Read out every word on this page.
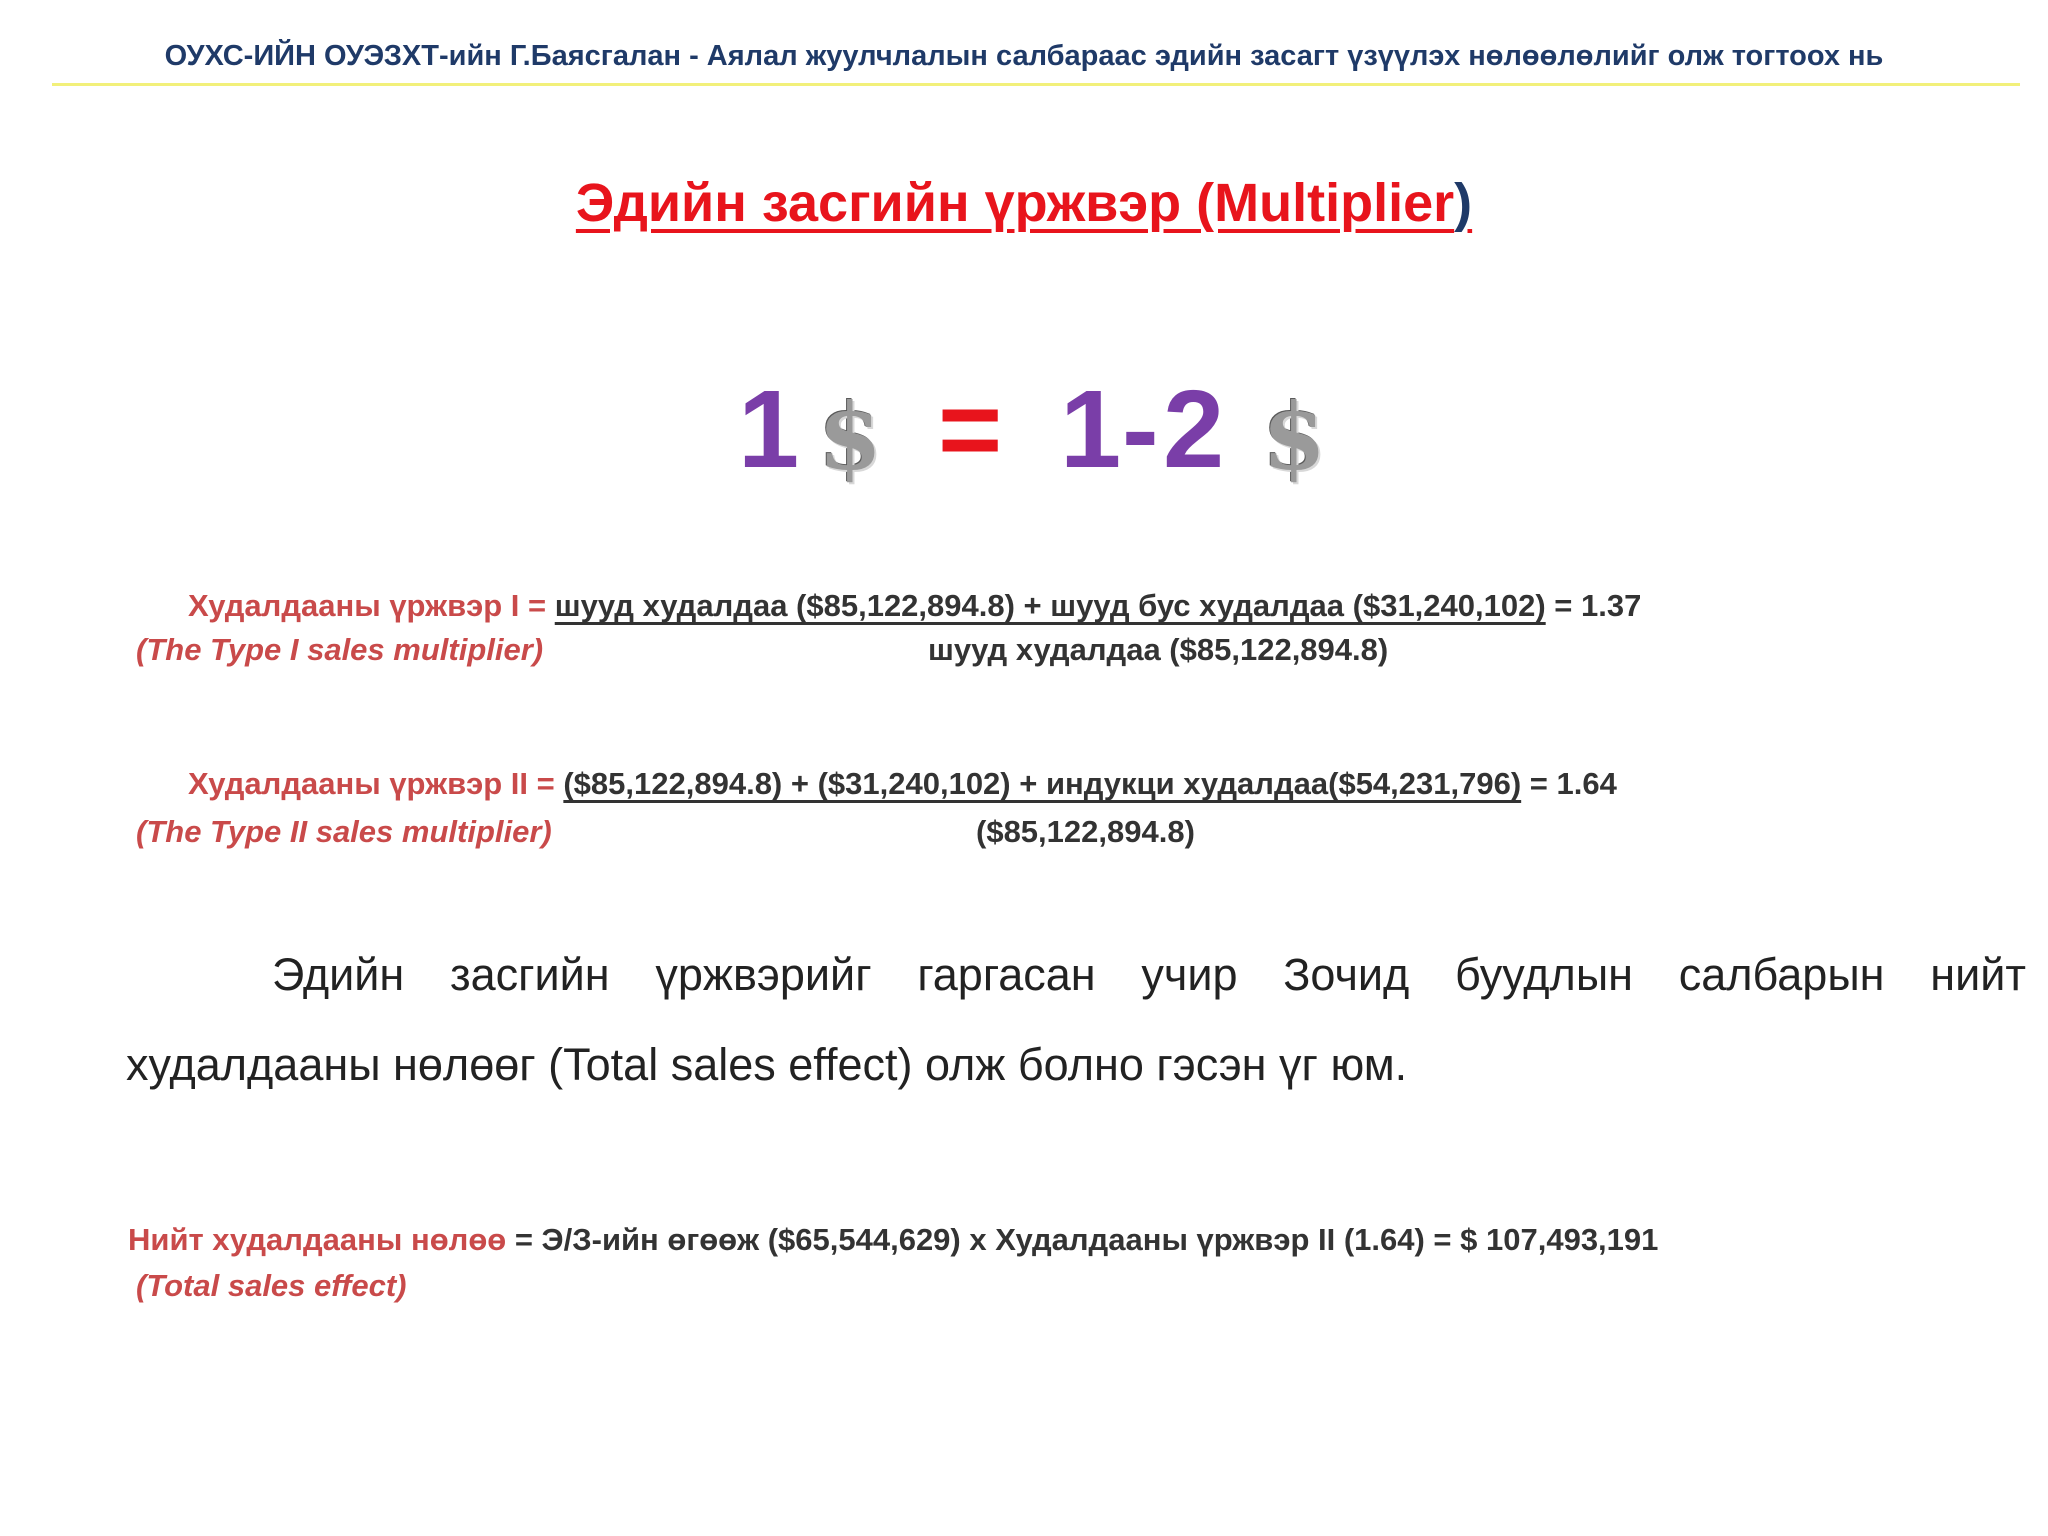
ОУХС-ИЙН ОУЭЗХТ-ийн Г.Баясгалан - Аялал жуулчлалын салбараас эдийн засагт үзүүлэх нөлөөлөлийг олж тогтоох нь
Эдийн засгийн үржвэр (Multiplier)
1 $ = 1 - 2 $
Худалдааны үржвэр I = шууд худалдаа ($85,122,894.8) + шууд бус худалдаа ($31,240,102) = 1.37
(The Type I sales multiplier)	шууд худалдаа ($85,122,894.8)
Худалдааны үржвэр II = ($85,122,894.8) + ($31,240,102) + индукци худалдаа($54,231,796) = 1.64
(The Type II sales multiplier)	($85,122,894.8)
Эдийн засгийн үржвэрийг гаргасан учир Зочид буудлын салбарын нийт
худалдааны нөлөөг (Total sales effect) олж болно гэсэн үг юм.
Нийт худалдааны нөлөө = Э/З-ийн өгөөж ($65,544,629) х Худалдааны үржвэр II (1.64) = $ 107,493,191
(Total sales effect)
